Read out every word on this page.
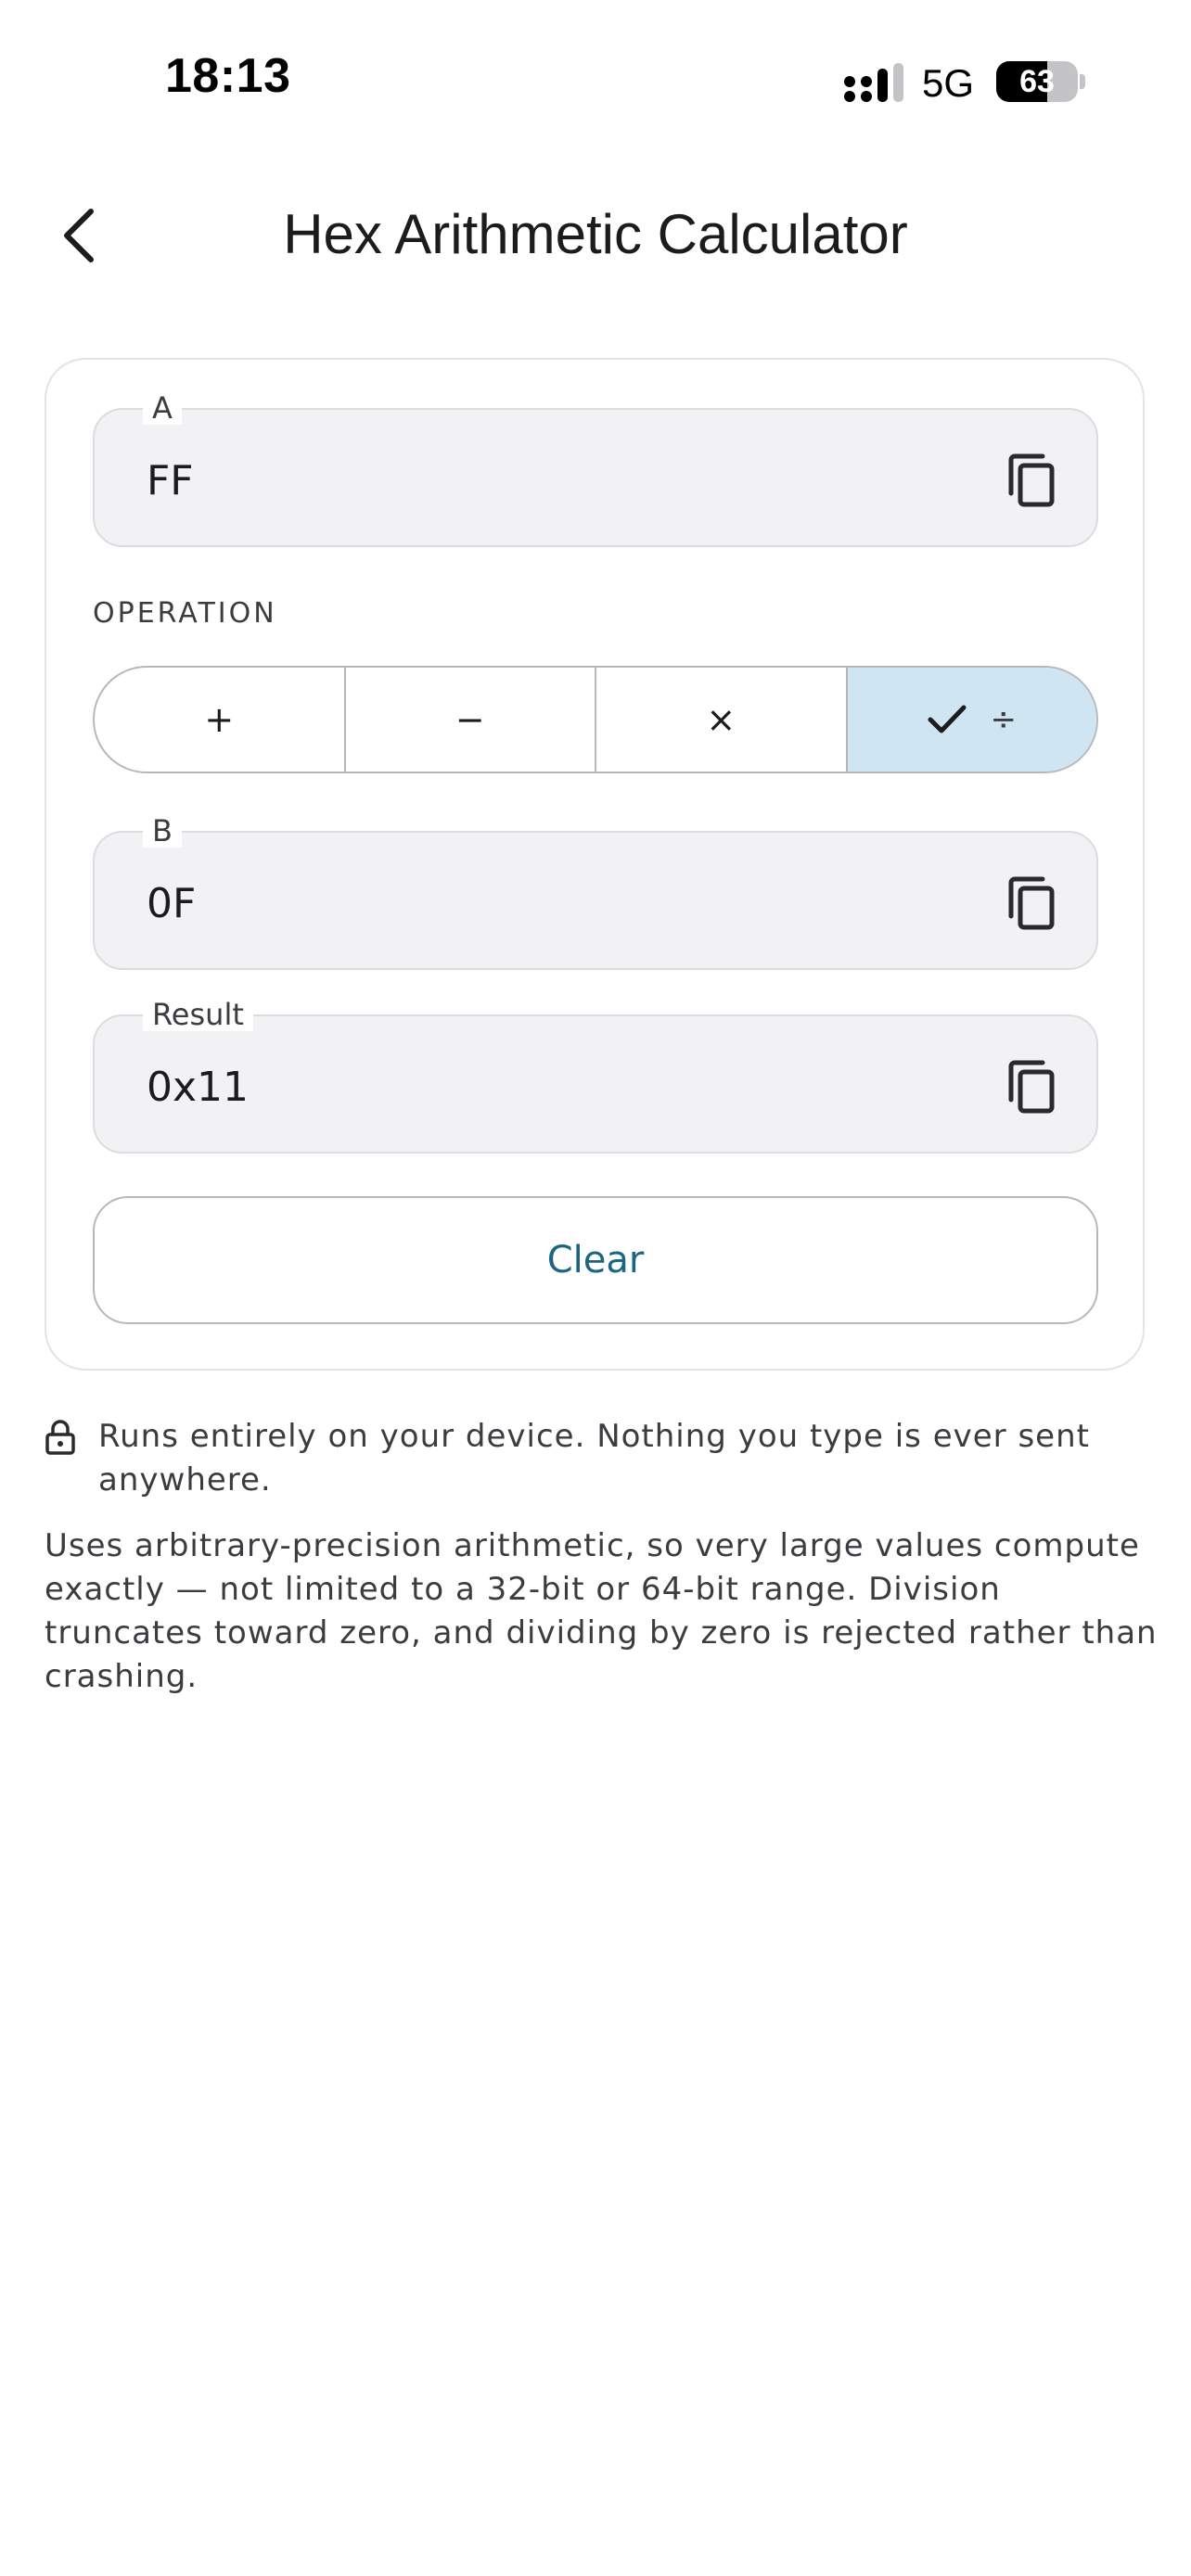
18:13	5G	63
Hex Arithmetic Calculator
A
FF
OPERATION
+	−	×	÷
B
0F
Result
0x11
Clear
Runs entirely on your device. Nothing you type is ever sent anywhere.
Uses arbitrary-precision arithmetic, so very large values compute exactly — not limited to a 32-bit or 64-bit range. Division truncates toward zero, and dividing by zero is rejected rather than crashing.
